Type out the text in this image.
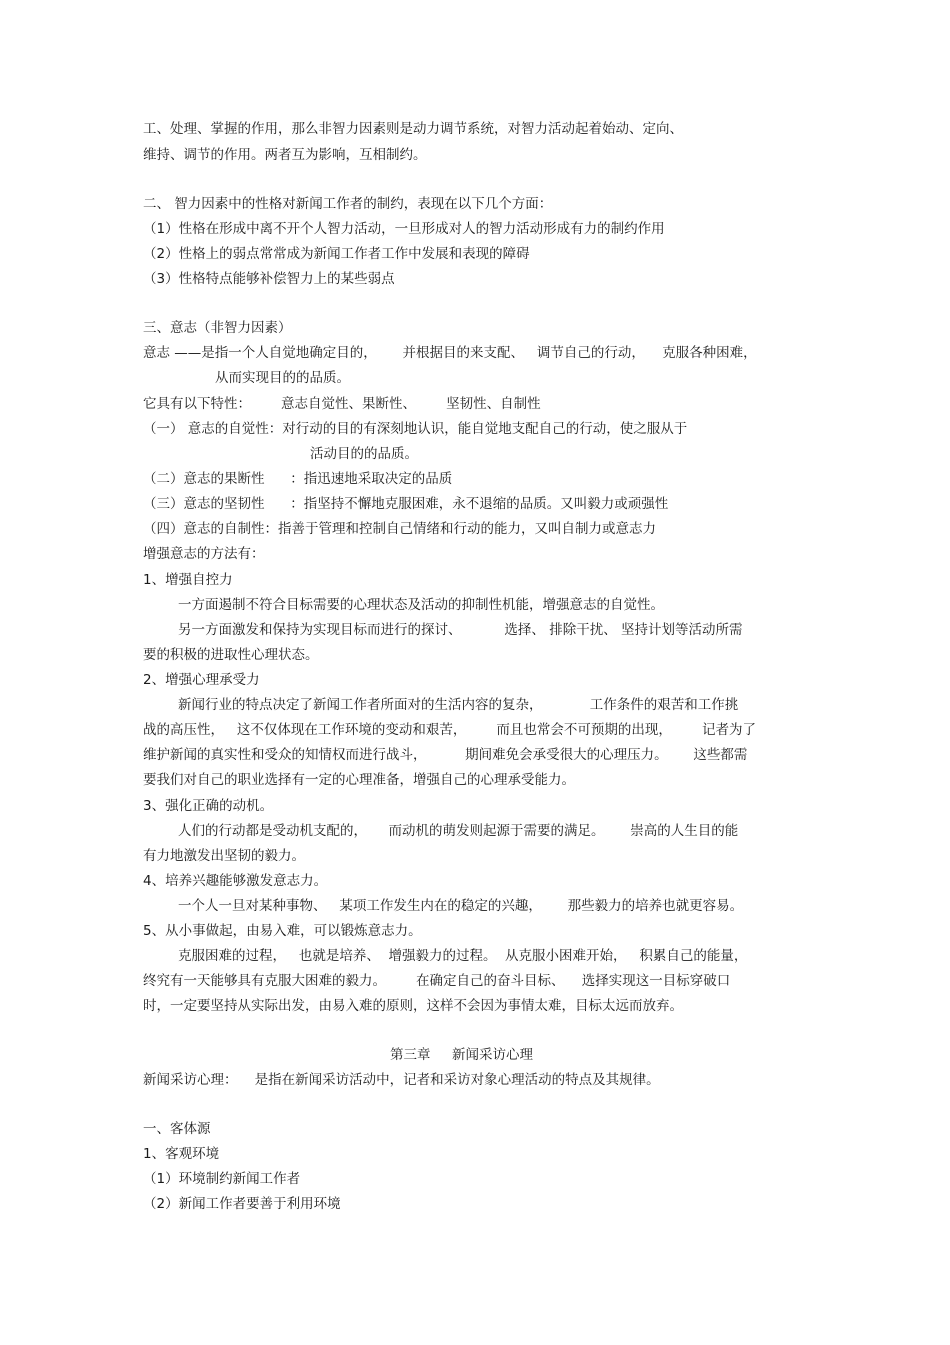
工、处理、掌握的作用，那么非智力因素则是动力调节系统，对智力活动起着始动、定向、
维持、调节的作用。两者互为影响，互相制约。
二、 智力因素中的性格对新闻工作者的制约，表现在以下几个方面：
（1）性格在形成中离不开个人智力活动，一旦形成对人的智力活动形成有力的制约作用
（2）性格上的弱点常常成为新闻工作者工作中发展和表现的障碍
（3）性格特点能够补偿智力上的某些弱点
三、意志（非智力因素）
意志 ——是指一个人自觉地确定目的，      并根据目的来支配、   调节自己的行动，    克服各种困难，
从而实现目的的品质。
它具有以下特性：       意志自觉性、果断性、       坚韧性、自制性
（一） 意志的自觉性：对行动的目的有深刻地认识，能自觉地支配自己的行动，使之服从于
活动目的的品质。
（二）意志的果断性      ：指迅速地采取决定的品质
（三）意志的坚韧性      ：指坚持不懈地克服困难，永不退缩的品质。又叫毅力或顽强性
（四）意志的自制性：指善于管理和控制自己情绪和行动的能力，又叫自制力或意志力
增强意志的方法有：
1、增强自控力
一方面遏制不符合目标需要的心理状态及活动的抑制性机能，增强意志的自觉性。
另一方面激发和保持为实现目标而进行的探讨、          选择、 排除干扰、 坚持计划等活动所需
要的积极的进取性心理状态。
2、增强心理承受力
新闻行业的特点决定了新闻工作者所面对的生活内容的复杂，           工作条件的艰苦和工作挑
战的高压性，   这不仅体现在工作环境的变动和艰苦，       而且也常会不可预期的出现，       记者为了
维护新闻的真实性和受众的知情权而进行战斗，         期间难免会承受很大的心理压力。      这些都需
要我们对自己的职业选择有一定的心理准备，增强自己的心理承受能力。
3、强化正确的动机。
人们的行动都是受动机支配的，     而动机的萌发则起源于需要的满足。      崇高的人生目的能
有力地激发出坚韧的毅力。
4、培养兴趣能够激发意志力。
一个人一旦对某种事物、   某项工作发生内在的稳定的兴趣，      那些毅力的培养也就更容易。
5、从小事做起，由易入难，可以锻炼意志力。
克服困难的过程，   也就是培养、  增强毅力的过程。  从克服小困难开始，   积累自己的能量，
终究有一天能够具有克服大困难的毅力。       在确定自己的奋斗目标、    选择实现这一目标穿破口
时，一定要坚持从实际出发，由易入难的原则，这样不会因为事情太难，目标太远而放弃。
第三章     新闻采访心理
新闻采访心理：    是指在新闻采访活动中，记者和采访对象心理活动的特点及其规律。
一、客体源
1、客观环境
（1）环境制约新闻工作者
（2）新闻工作者要善于利用环境
